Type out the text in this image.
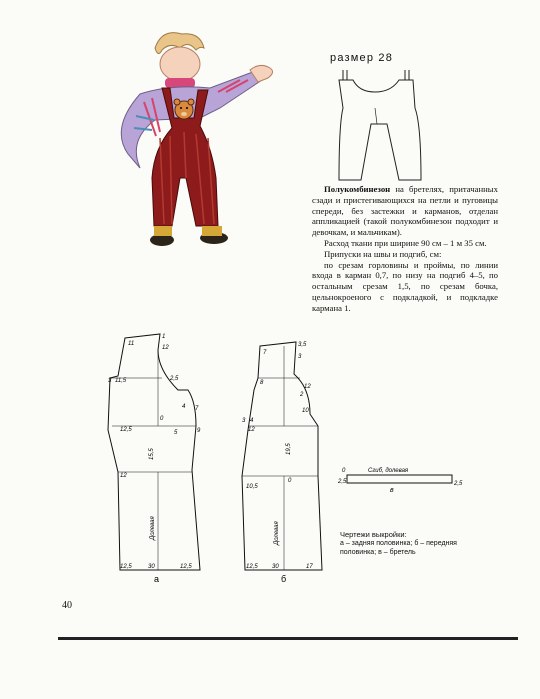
размер 28

Полукомбинезон на бретелях, притачанных сзади и пристегивающихся на петли и пуговицы спереди, без застежки и карманов, отделан аппликацией (такой полукомбинезон подходит и девочкам, и мальчикам).

Расход ткани при ширине 90 см – 1 м 35 см.

Припуски на швы и подгиб, см:

по срезам горловины и проймы, по линии входа в карман 0,7, по низу на подгиб 4–5, по остальным срезам 1,5, по срезам бочка, цельнокроеного с подкладкой, и подкладке кармана 1.

11
11,5
12,5
12
12,5	12,5
30
15,5
Долевая
3
1
2,5
4
0
5	9
12
7
а
7
8
12
10,5
12,5	17
30
19,5
Долевая
3,5
3
2
10
12
4
0
3
б
Сгиб, долевая
0
2,5	2,5
в
Чертежи выкройки:
а – задняя половинка; б – передняя половинка; в – бретель
40
